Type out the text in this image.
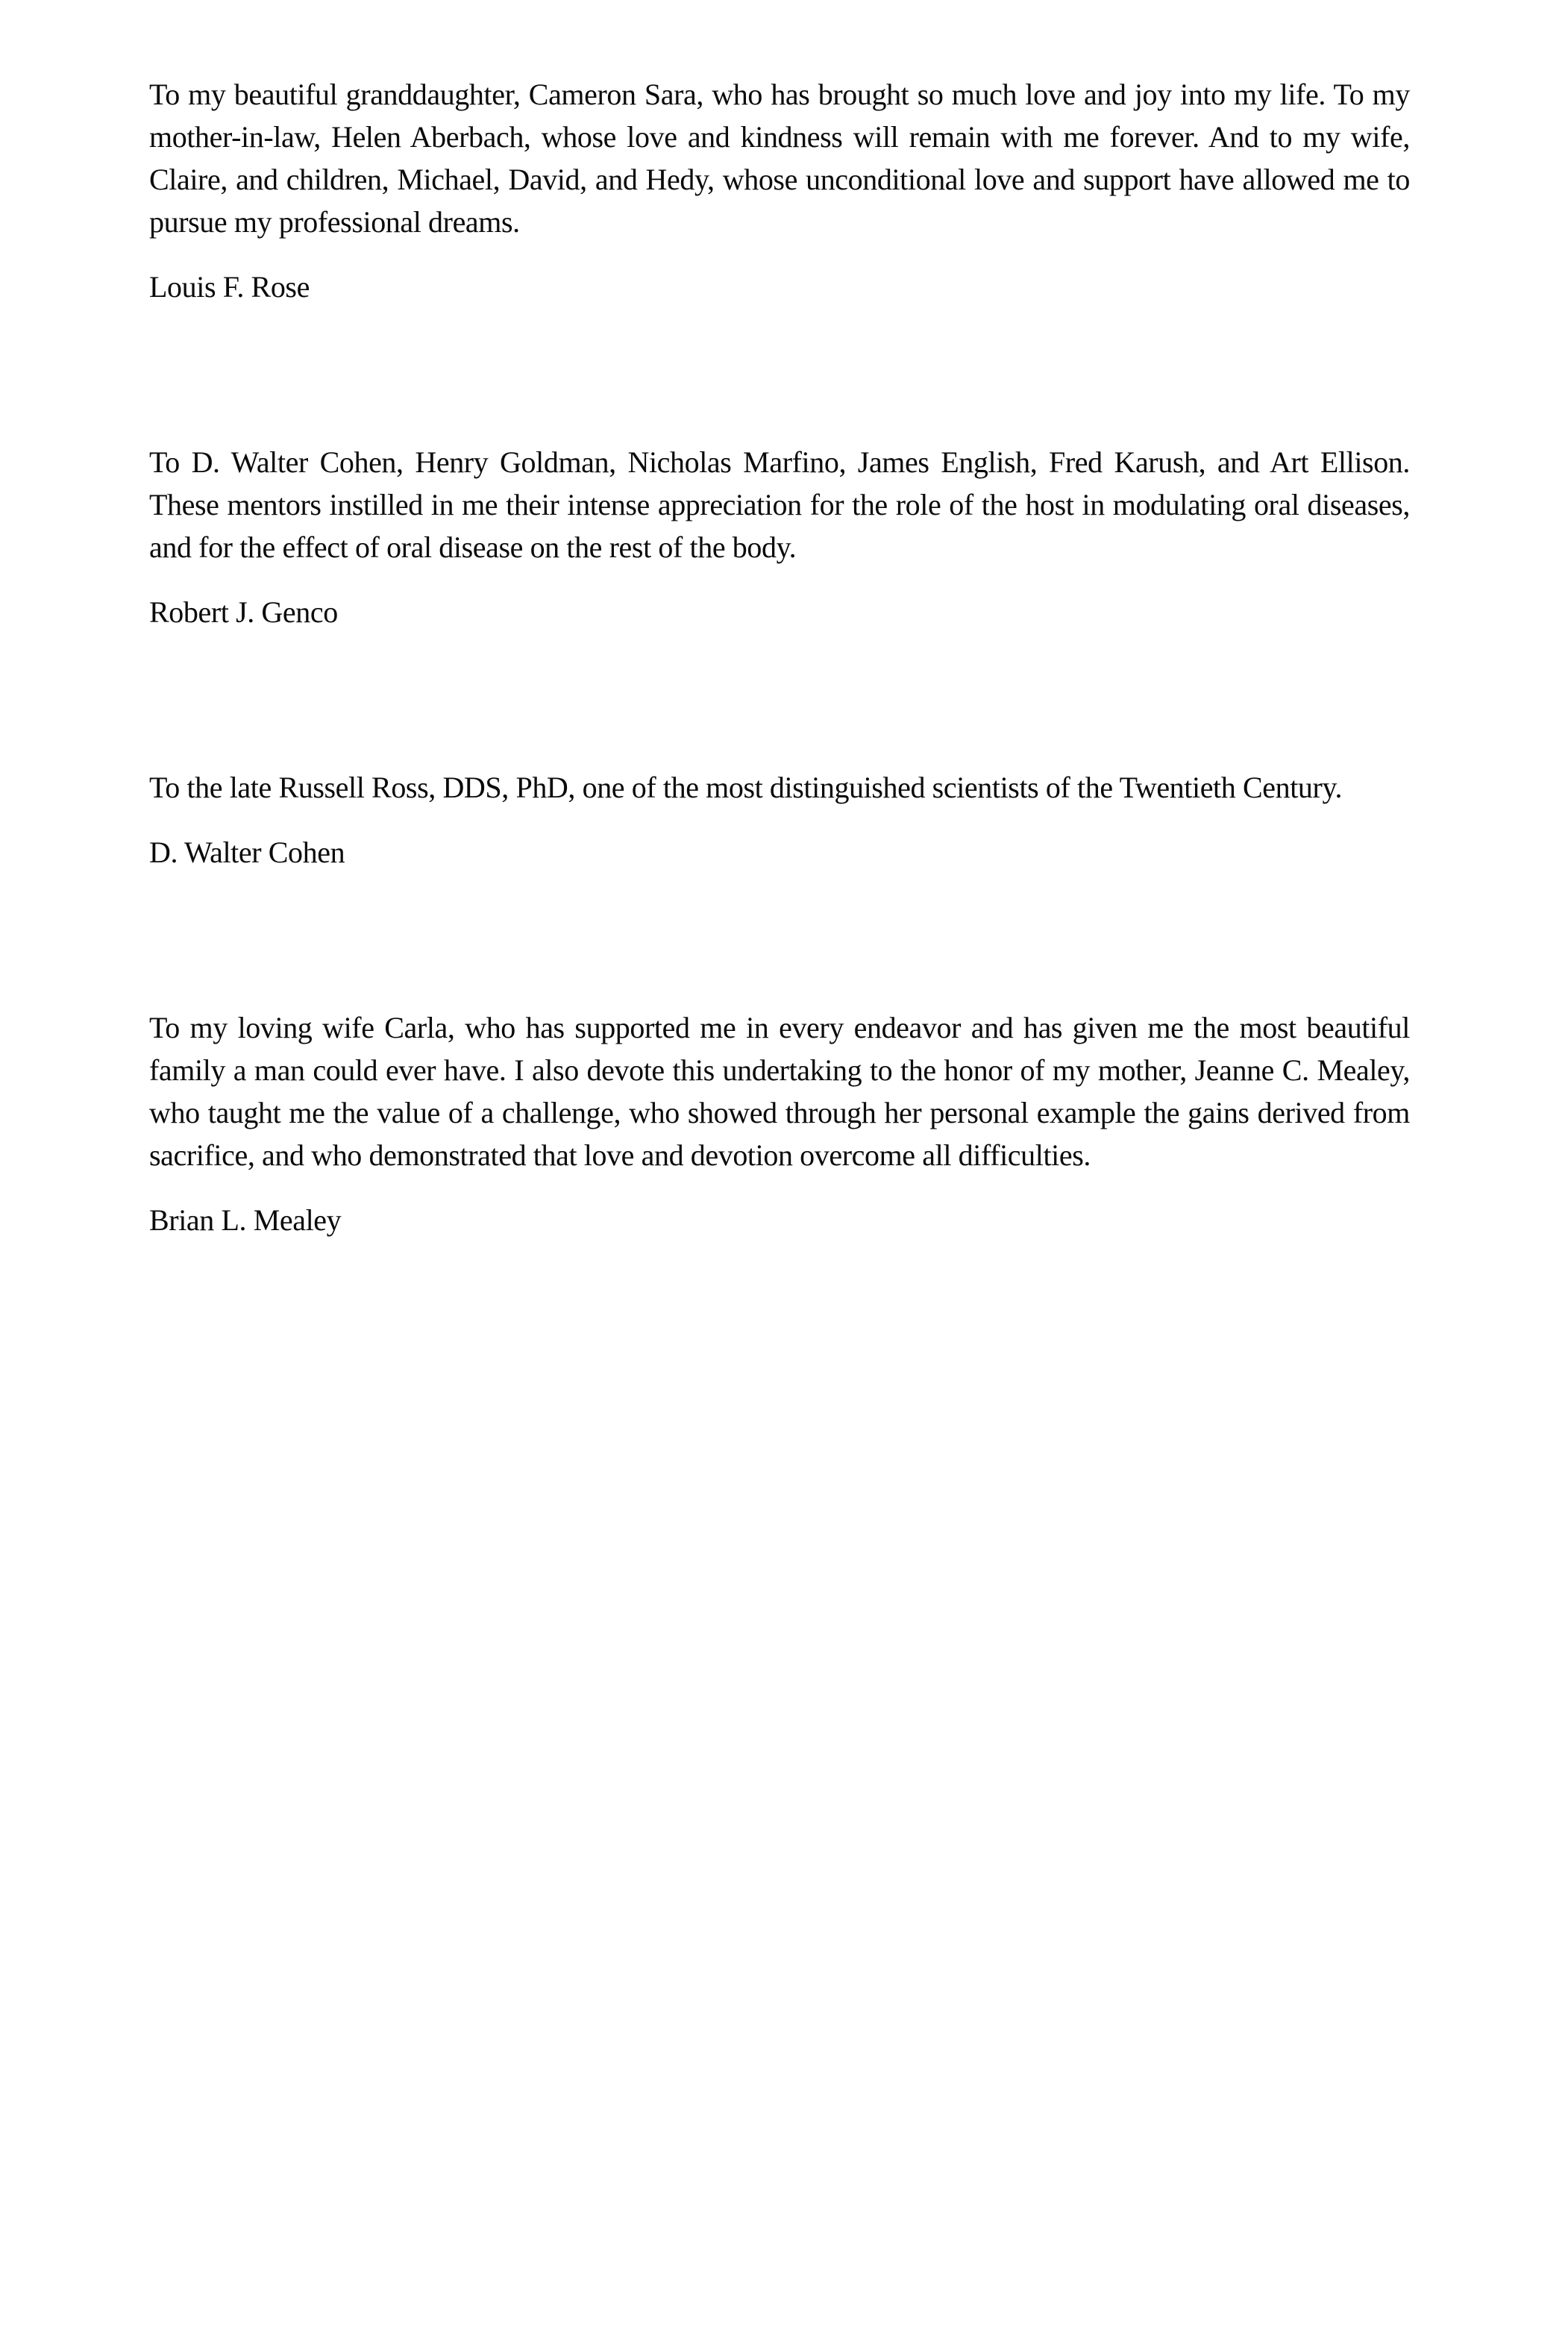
To my beautiful granddaughter, Cameron Sara, who has brought so much love and joy into my life. To my mother-in-law, Helen Aberbach, whose love and kindness will remain with me forever. And to my wife, Claire, and children, Michael, David, and Hedy, whose unconditional love and support have allowed me to pursue my professional dreams.

Louis F. Rose

To D. Walter Cohen, Henry Goldman, Nicholas Marfino, James English, Fred Karush, and Art Ellison. These mentors instilled in me their intense appreciation for the role of the host in modulating oral diseases, and for the effect of oral disease on the rest of the body.

Robert J. Genco

To the late Russell Ross, DDS, PhD, one of the most distinguished scientists of the Twentieth Century.

D. Walter Cohen

To my loving wife Carla, who has supported me in every endeavor and has given me the most beautiful family a man could ever have. I also devote this undertaking to the honor of my mother, Jeanne C. Mealey, who taught me the value of a challenge, who showed through her personal example the gains derived from sacrifice, and who demonstrated that love and devotion overcome all difficulties.

Brian L. Mealey
